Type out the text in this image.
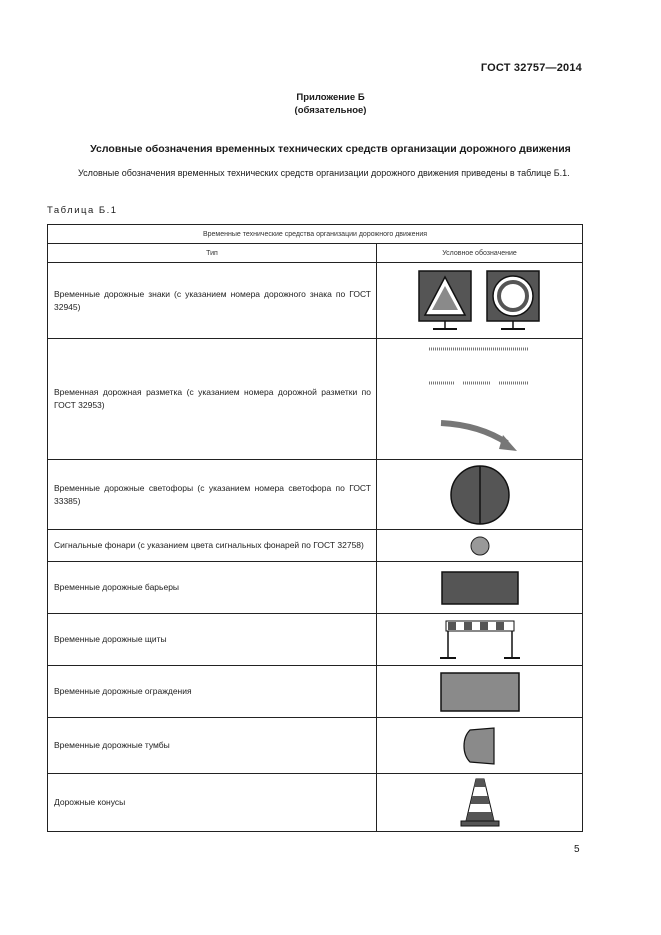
ГОСТ 32757—2014
Приложение Б
(обязательное)
Условные обозначения временных технических средств организации дорожного движения
Условные обозначения временных технических средств организации дорожного движения приведены в таблице Б.1.
Таблица Б.1
Временные технические средства организации дорожного движения	
Тип	Условное обозначение
Временные дорожные знаки (с указанием номера дорожного знака по ГОСТ 32945)	

Временная дорожная разметка (с указанием номера дорожной разметки по ГОСТ 32953)	

Временные дорожные светофоры (с указанием номера светофора по ГОСТ 33385)	

Сигнальные фонари (с указанием цвета сигнальных фонарей по ГОСТ 32758)	

Временные дорожные барьеры	

Временные дорожные щиты	

Временные дорожные ограждения	

Временные дорожные тумбы	

Дорожные конусы	
5
